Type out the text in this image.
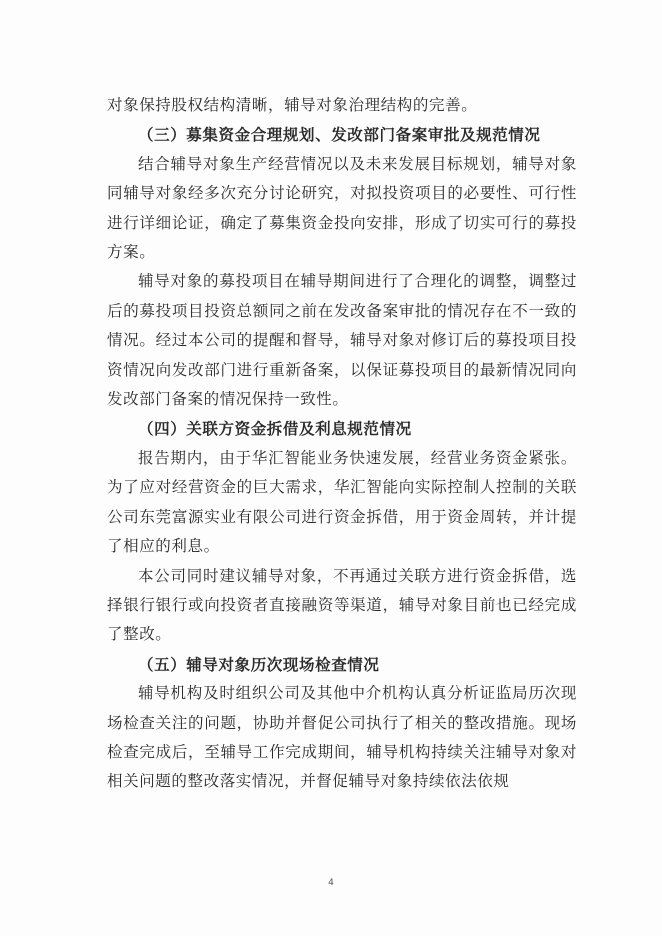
对象保持股权结构清晰，辅导对象治理结构的完善。

（三）募集资金合理规划、发改部门备案审批及规范情况

结合辅导对象生产经营情况以及未来发展目标规划，辅导对象同辅导对象经多次充分讨论研究，对拟投资项目的必要性、可行性进行详细论证，确定了募集资金投向安排，形成了切实可行的募投方案。

辅导对象的募投项目在辅导期间进行了合理化的调整，调整过后的募投项目投资总额同之前在发改备案审批的情况存在不一致的情况。经过本公司的提醒和督导，辅导对象对修订后的募投项目投资情况向发改部门进行重新备案，以保证募投项目的最新情况同向发改部门备案的情况保持一致性。

（四）关联方资金拆借及利息规范情况

报告期内，由于华汇智能业务快速发展，经营业务资金紧张。为了应对经营资金的巨大需求，华汇智能向实际控制人控制的关联公司东莞富源实业有限公司进行资金拆借，用于资金周转，并计提了相应的利息。

本公司同时建议辅导对象，不再通过关联方进行资金拆借，选择银行银行或向投资者直接融资等渠道，辅导对象目前也已经完成了整改。

（五）辅导对象历次现场检查情况

辅导机构及时组织公司及其他中介机构认真分析证监局历次现场检查关注的问题，协助并督促公司执行了相关的整改措施。现场检查完成后，至辅导工作完成期间，辅导机构持续关注辅导对象对相关问题的整改落实情况，并督促辅导对象持续依法依规

4
